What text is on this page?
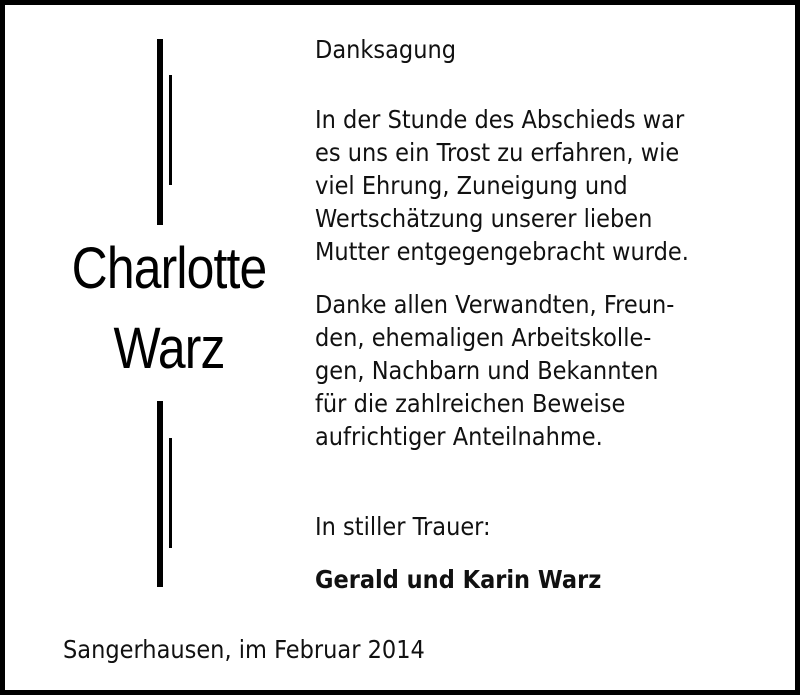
Charlotte
Warz
Danksagung
In der Stunde des Abschieds war
es uns ein Trost zu erfahren, wie
viel Ehrung, Zuneigung und
Wertschätzung unserer lieben
Mutter entgegengebracht wurde.
Danke allen Verwandten, Freun-
den, ehemaligen Arbeitskolle-
gen, Nachbarn und Bekannten
für die zahlreichen Beweise
aufrichtiger Anteilnahme.
In stiller Trauer:
Gerald und Karin Warz
Sangerhausen, im Februar 2014
